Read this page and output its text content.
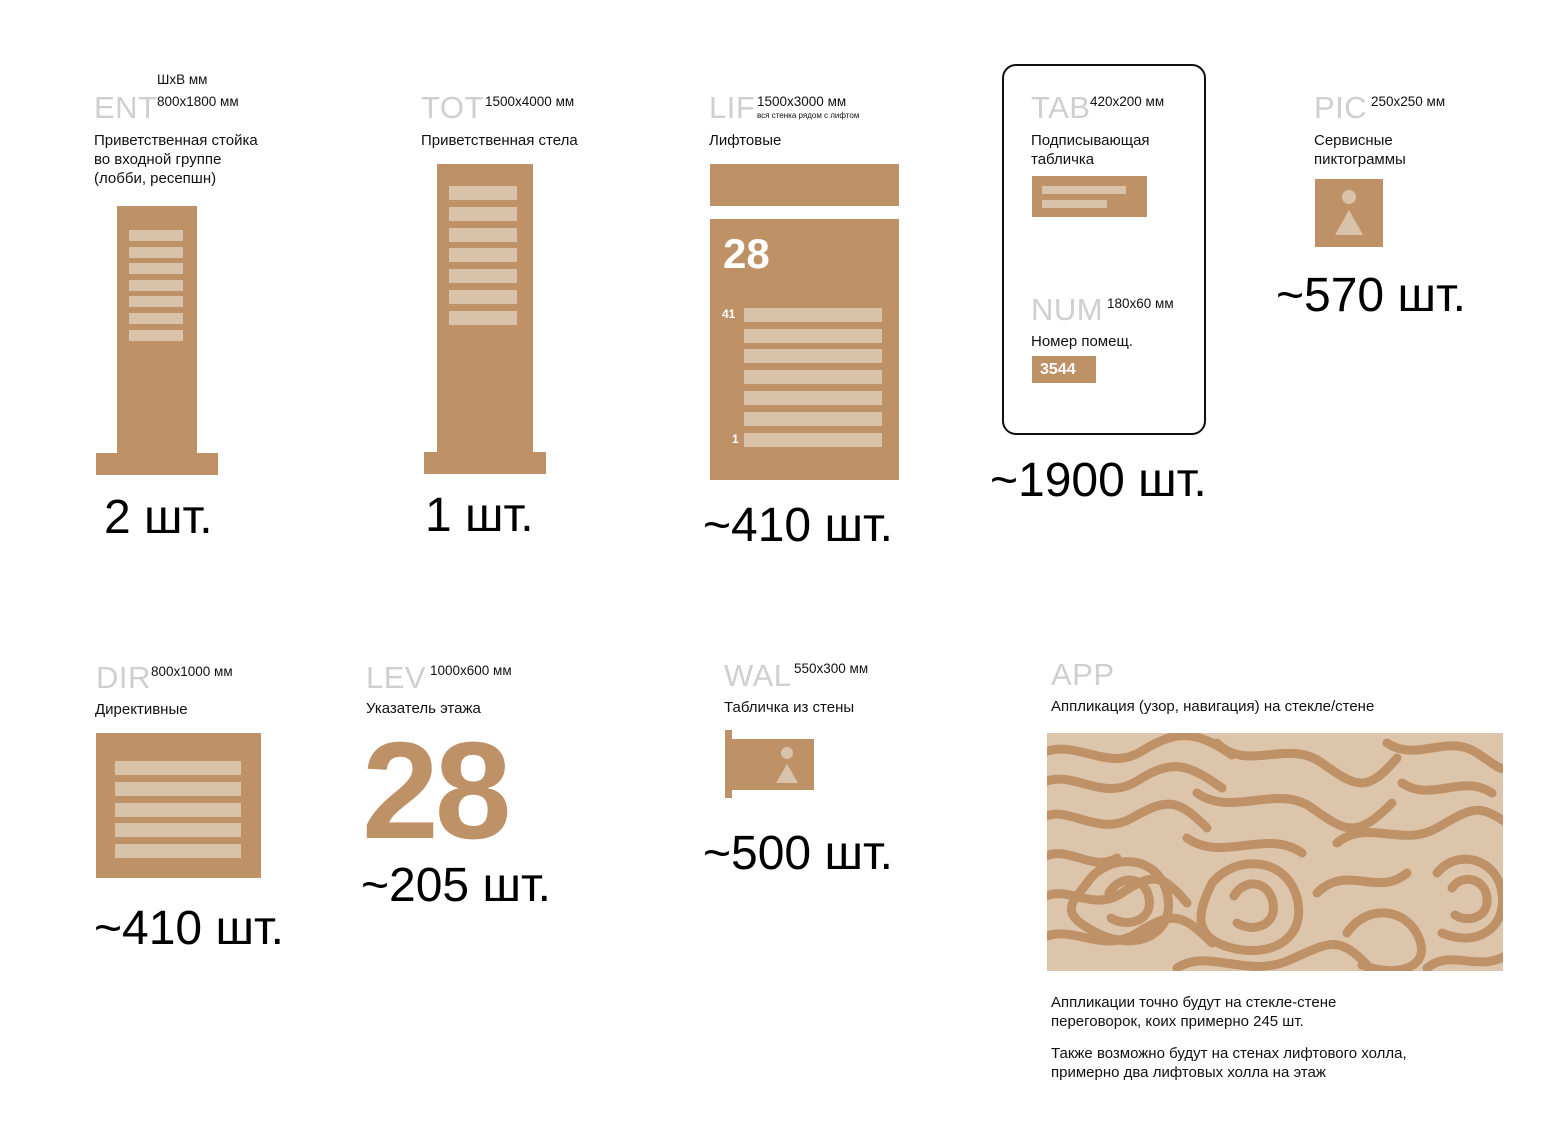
ШхВ мм
ENT 800x1800 мм
Приветственная стойка
во входной группе
(лобби, ресепшн)
2 шт.
TOT 1500x4000 мм
Приветственная стела
1 шт.
LIF 1500x3000 мм
вся стенка рядом с лифтом
Лифтовые
28
41
1
~410 шт.
TAB 420x200 мм
Подписывающая
табличка
NUM 180x60 мм
Номер помещ.
3544
~1900 шт.
PIC 250x250 мм
Сервисные
пиктограммы
~570 шт.
DIR 800x1000 мм
Директивные
~410 шт.
LEV 1000x600 мм
Указатель этажа
28
~205 шт.
WAL 550x300 мм
Табличка из стены
~500 шт.
APP
Аппликация (узор, навигация) на стекле/стене
Аппликации точно будут на стекле-стене
переговорок, коих примерно 245 шт.
Также возможно будут на стенах лифтового холла,
примерно два лифтовых холла на этаж
